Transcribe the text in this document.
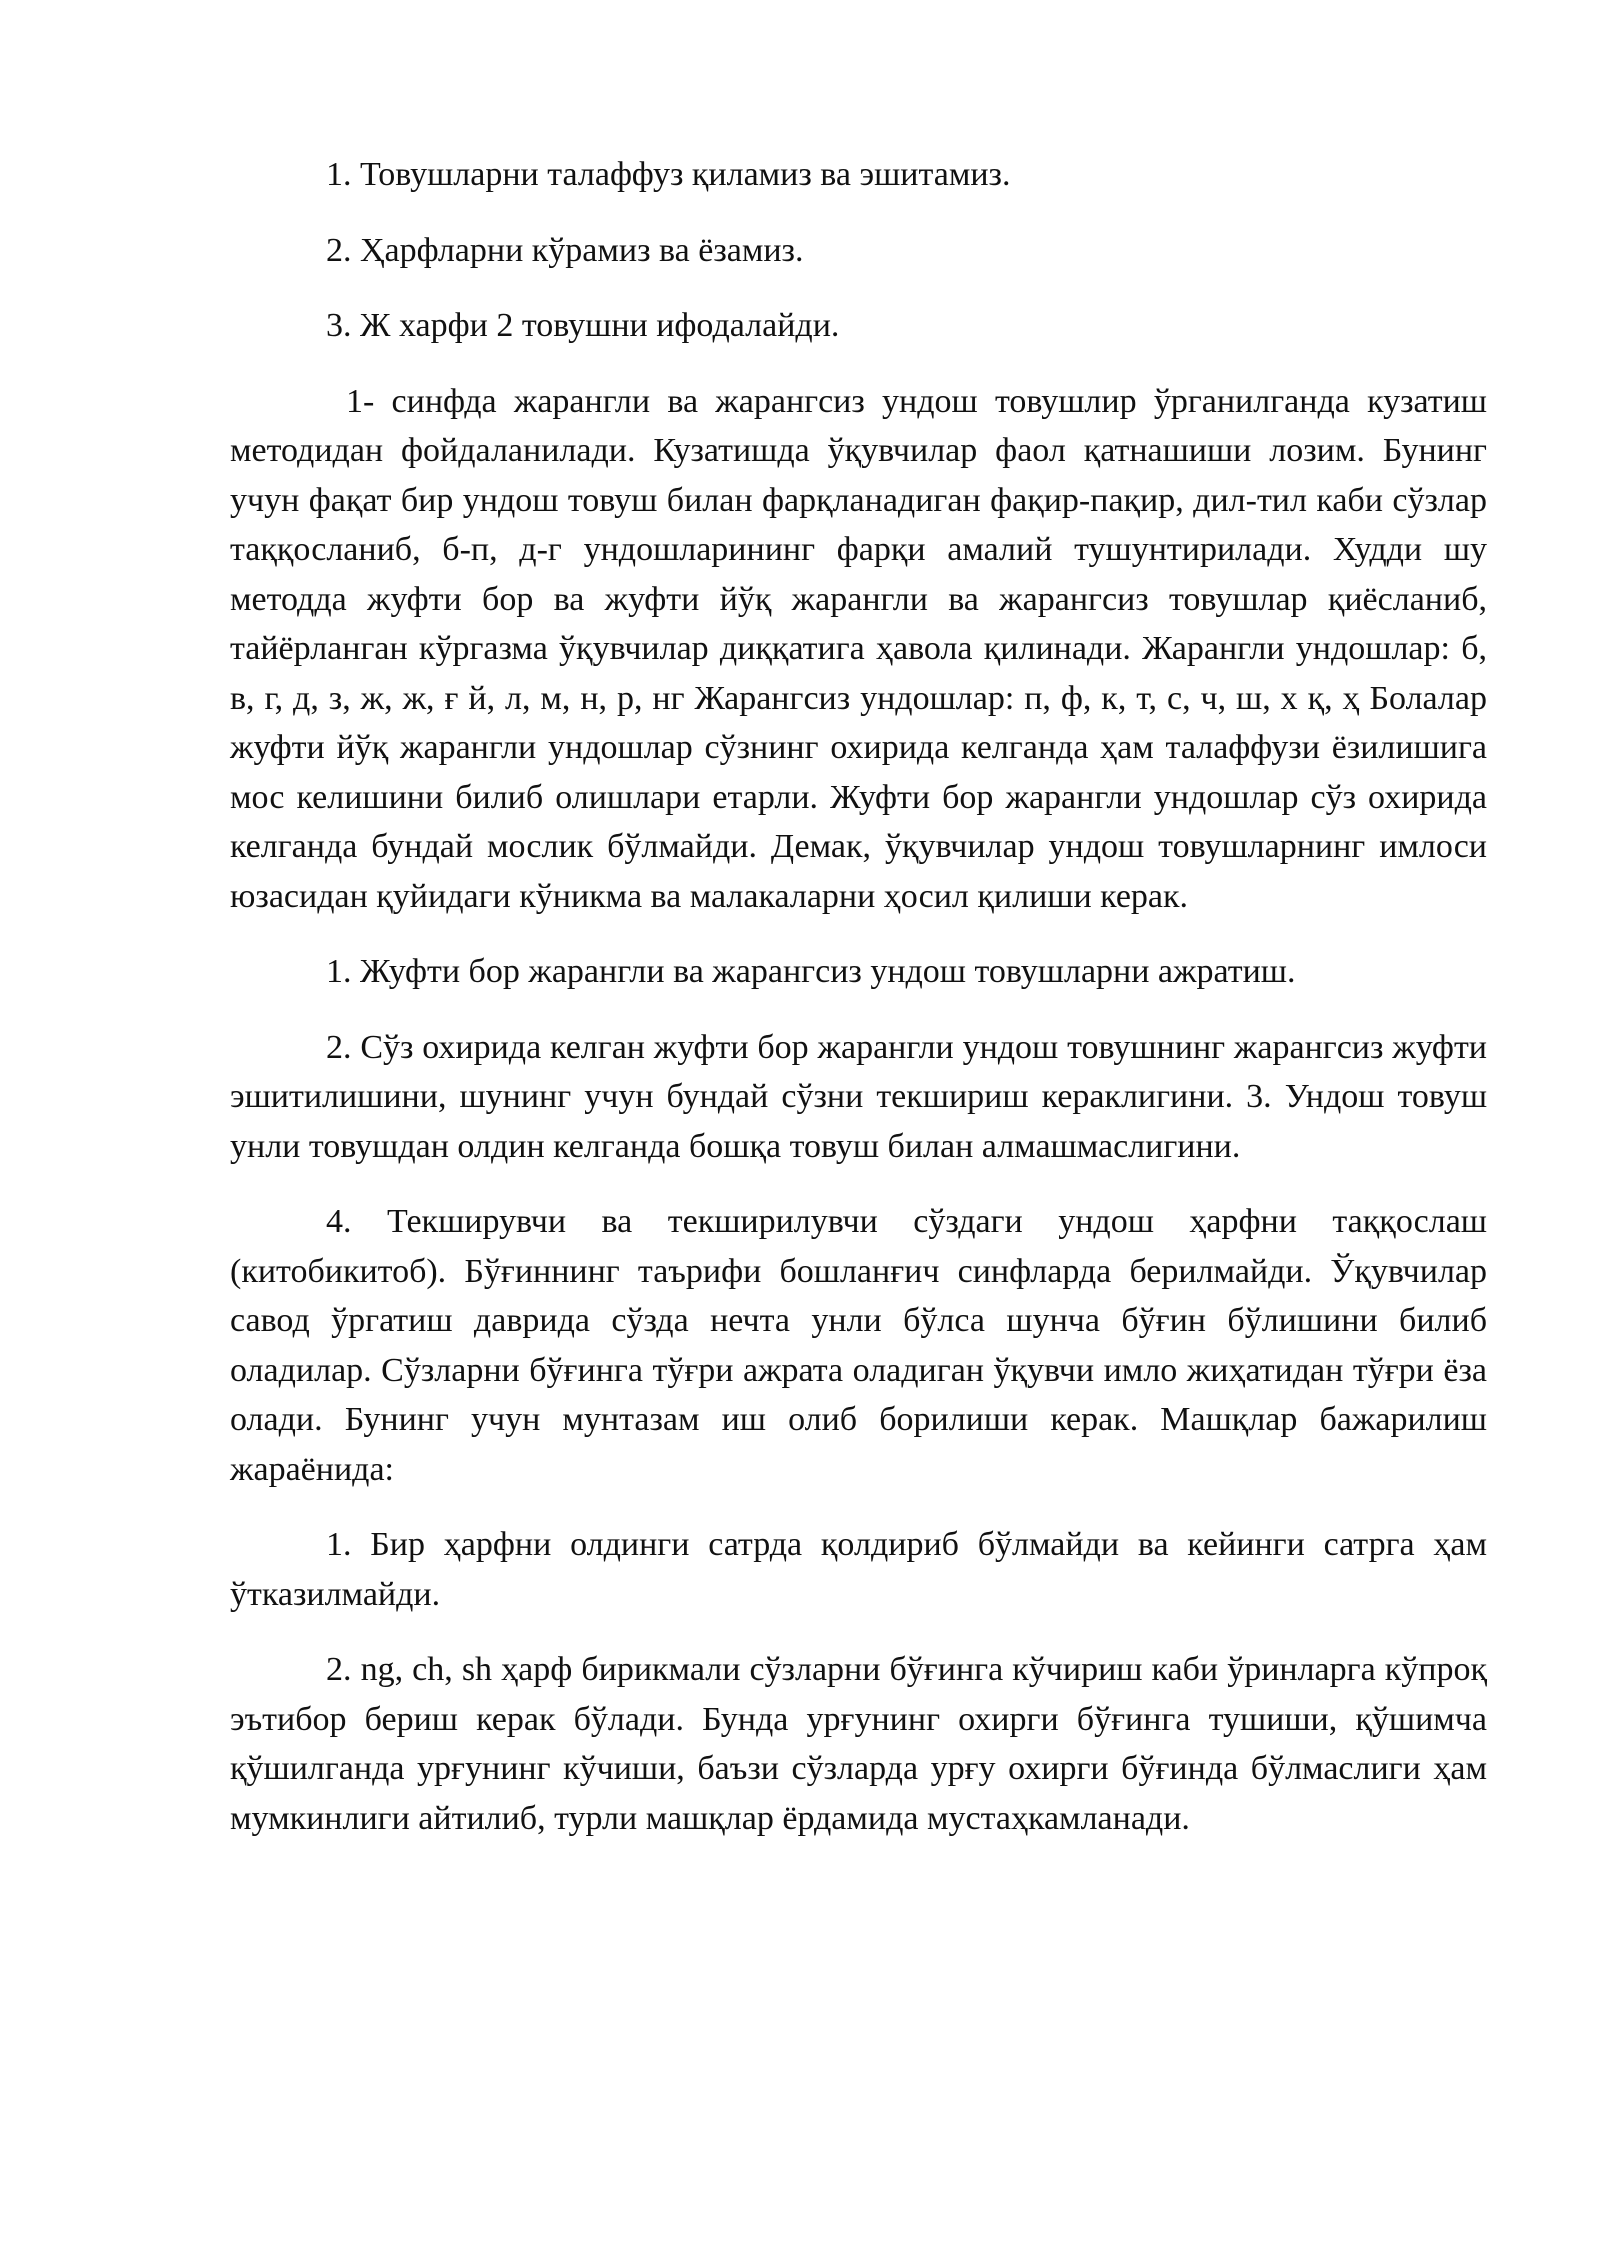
1. Товушларни талаффуз қиламиз ва эшитамиз.

2. Ҳарфларни кўрамиз ва ёзамиз.

3. Ж харфи 2 товушни ифодалайди.

1- синфда жарангли ва жарангсиз ундош товушлир ўрганилганда кузатиш методидан фойдаланилади. Кузатишда ўқувчилар фаол қатнашиши лозим. Бунинг учун фақат бир ундош товуш билан фарқланадиган фақир-пақир, дил-тил каби сўзлар таққосланиб, б-п, д-г ундошларининг фарқи амалий тушунтирилади. Худди шу методда жуфти бор ва жуфти йўқ жарангли ва жарангсиз товушлар қиёсланиб, тайёрланган кўргазма ўқувчилар диққатига ҳавола қилинади. Жарангли ундошлар: б, в, г, д, з, ж, ж, ғ й, л, м, н, р, нг Жарангсиз ундошлар: п, ф, к, т, с, ч, ш, х қ, ҳ Болалар жуфти йўқ жарангли ундошлар сўзнинг охирида келганда ҳам талаффузи ёзилишига мос келишини билиб олишлари етарли. Жуфти бор жарангли ундошлар сўз охирида келганда бундай мослик бўлмайди. Демак, ўқувчилар ундош товушларнинг имлоси юзасидан қуйидаги кўникма ва малакаларни ҳосил қилиши керак.

1. Жуфти бор жарангли ва жарангсиз ундош товушларни ажратиш.

2. Сўз охирида келган жуфти бор жарангли ундош товушнинг жарангсиз жуфти эшитилишини, шунинг учун бундай сўзни текшириш кераклигини. 3. Ундош товуш унли товушдан олдин келганда бошқа товуш билан алмашмаслигини.

4. Текширувчи ва текширилувчи сўздаги ундош ҳарфни таққослаш (китобикитоб). Бўғиннинг таърифи бошланғич синфларда берилмайди. Ўқувчилар савод ўргатиш даврида сўзда нечта унли бўлса шунча бўғин бўлишини билиб оладилар. Сўзларни бўғинга тўғри ажрата оладиган ўқувчи имло жиҳатидан тўғри ёза олади. Бунинг учун мунтазам иш олиб борилиши керак. Машқлар бажарилиш жараёнида:

1. Бир ҳарфни олдинги сатрда қолдириб бўлмайди ва кейинги сатрга ҳам ўтказилмайди.

2. ng, ch, sh ҳарф бирикмали сўзларни бўғинга кўчириш каби ўринларга кўпроқ эътибор бериш керак бўлади. Бунда урғунинг охирги бўғинга тушиши, қўшимча қўшилганда урғунинг кўчиши, баъзи сўзларда урғу охирги бўғинда бўлмаслиги ҳам мумкинлиги айтилиб, турли машқлар ёрдамида мустаҳкамланади.
